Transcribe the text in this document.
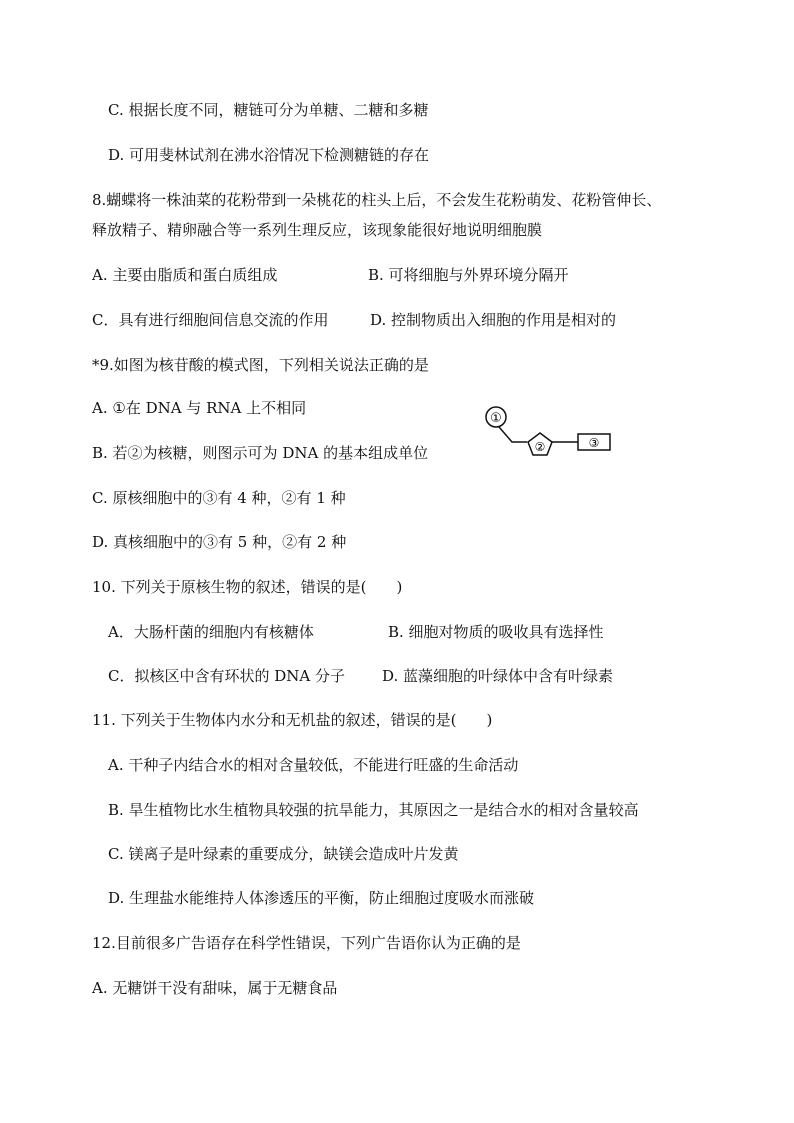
C. 根据长度不同，糖链可分为单糖、二糖和多糖
D. 可用斐林试剂在沸水浴情况下检测糖链的存在
8.蝴蝶将一株油菜的花粉带到一朵桃花的柱头上后，不会发生花粉萌发、花粉管伸长、
释放精子、精卵融合等一系列生理反应，该现象能很好地说明细胞膜
A. 主要由脂质和蛋白质组成	B. 可将细胞与外界环境分隔开
C．具有进行细胞间信息交流的作用	D. 控制物质出入细胞的作用是相对的
*9.如图为核苷酸的模式图，下列相关说法正确的是
A. ①在 DNA 与 RNA 上不相同
B. 若②为核糖，则图示可为 DNA 的基本组成单位
C. 原核细胞中的③有 4 种，②有 1 种
D. 真核细胞中的③有 5 种，②有 2 种
①
②	③
10. 下列关于原核生物的叙述，错误的是(　　)
A．大肠杆菌的细胞内有核糖体	B. 细胞对物质的吸收具有选择性
C．拟核区中含有环状的 DNA 分子 D. 蓝藻细胞的叶绿体中含有叶绿素
11. 下列关于生物体内水分和无机盐的叙述，错误的是(　　)
A. 干种子内结合水的相对含量较低，不能进行旺盛的生命活动
B. 旱生植物比水生植物具较强的抗旱能力，其原因之一是结合水的相对含量较高
C. 镁离子是叶绿素的重要成分，缺镁会造成叶片发黄
D. 生理盐水能维持人体渗透压的平衡，防止细胞过度吸水而涨破
12.目前很多广告语存在科学性错误，下列广告语你认为正确的是
A. 无糖饼干没有甜味，属于无糖食品
